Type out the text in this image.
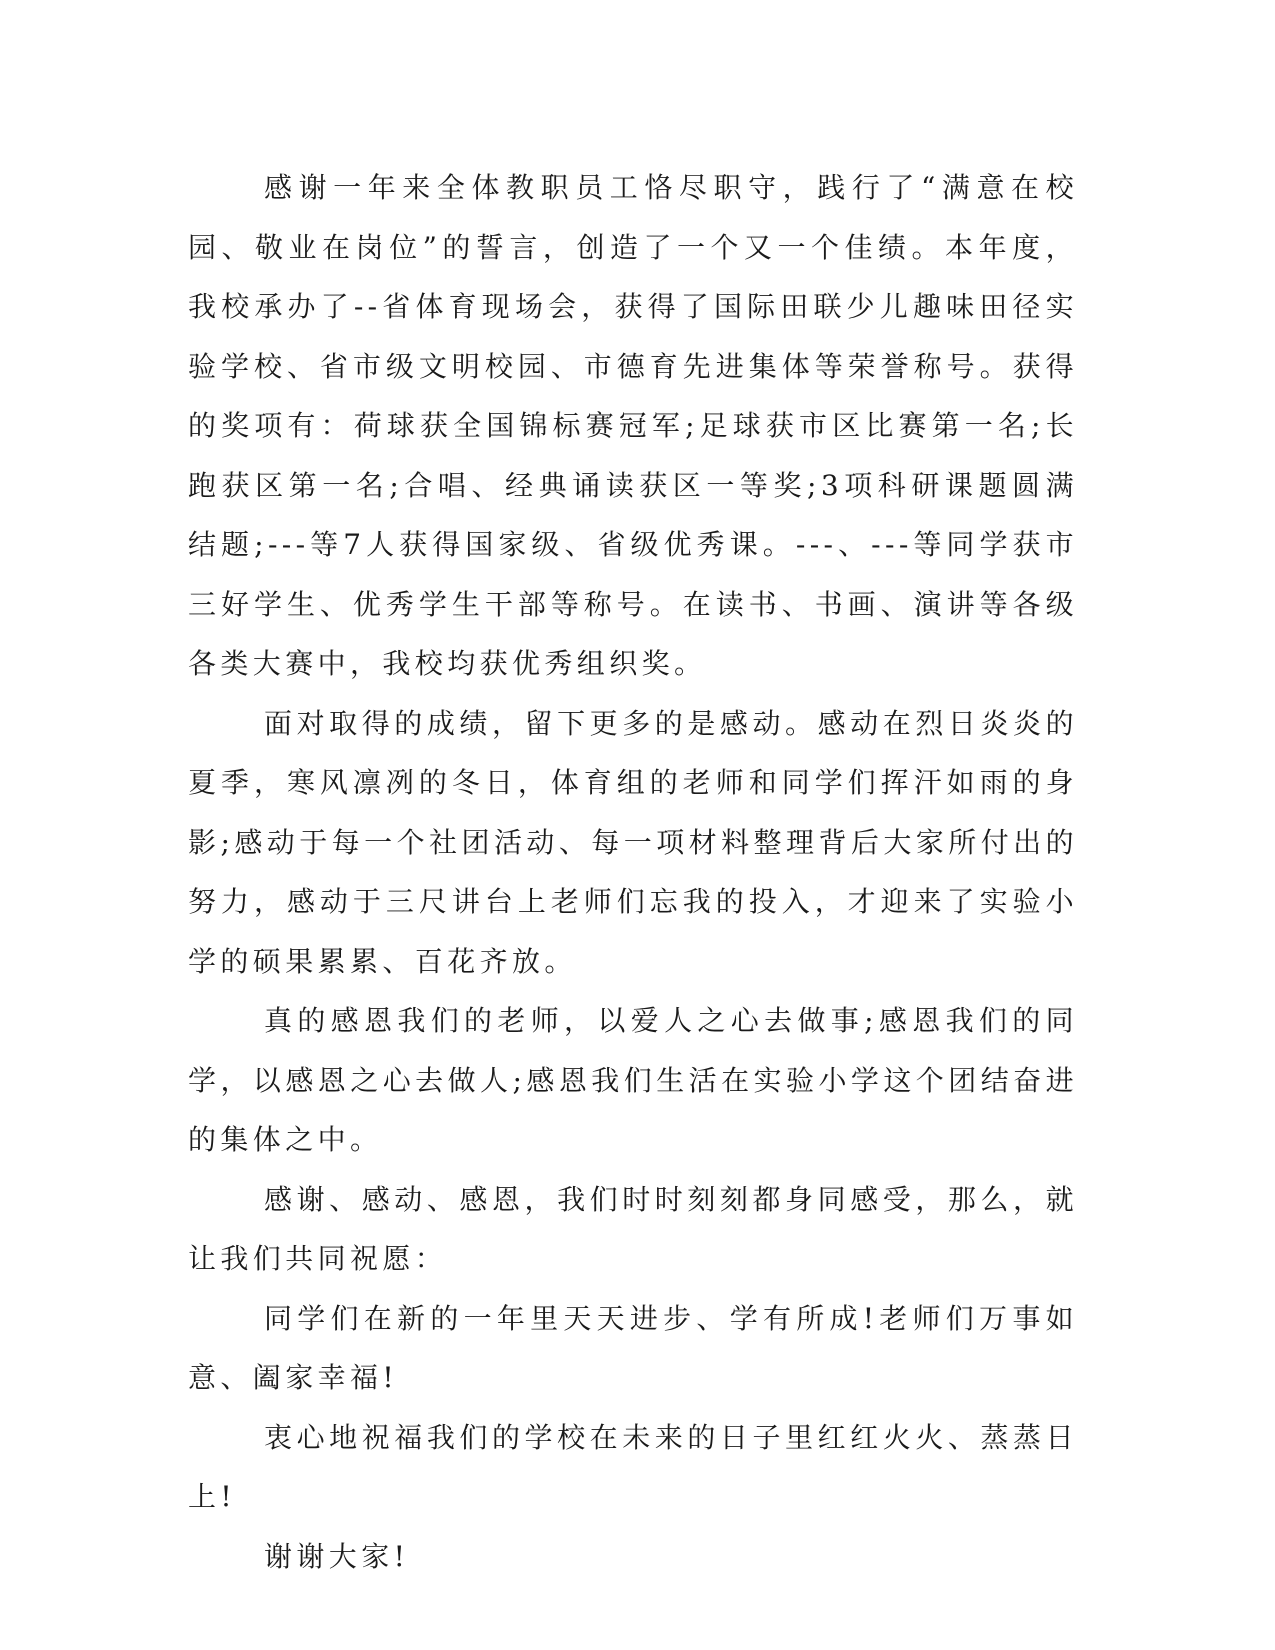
感谢一年来全体教职员工恪尽职守，践行了“满意在校园、敬业在岗位”的誓言，创造了一个又一个佳绩。本年度，我校承办了--省体育现场会，获得了国际田联少儿趣味田径实验学校、省市级文明校园、市德育先进集体等荣誉称号。获得的奖项有：荷球获全国锦标赛冠军;足球获市区比赛第一名;长跑获区第一名;合唱、经典诵读获区一等奖;3项科研课题圆满结题;---等7人获得国家级、省级优秀课。---、---等同学获市三好学生、优秀学生干部等称号。在读书、书画、演讲等各级各类大赛中，我校均获优秀组织奖。

面对取得的成绩，留下更多的是感动。感动在烈日炎炎的夏季，寒风凛冽的冬日，体育组的老师和同学们挥汗如雨的身影;感动于每一个社团活动、每一项材料整理背后大家所付出的努力，感动于三尺讲台上老师们忘我的投入，才迎来了实验小学的硕果累累、百花齐放。

真的感恩我们的老师，以爱人之心去做事;感恩我们的同学，以感恩之心去做人;感恩我们生活在实验小学这个团结奋进的集体之中。

感谢、感动、感恩，我们时时刻刻都身同感受，那么，就让我们共同祝愿：

同学们在新的一年里天天进步、学有所成!老师们万事如意、阖家幸福!

衷心地祝福我们的学校在未来的日子里红红火火、蒸蒸日上!

谢谢大家!
